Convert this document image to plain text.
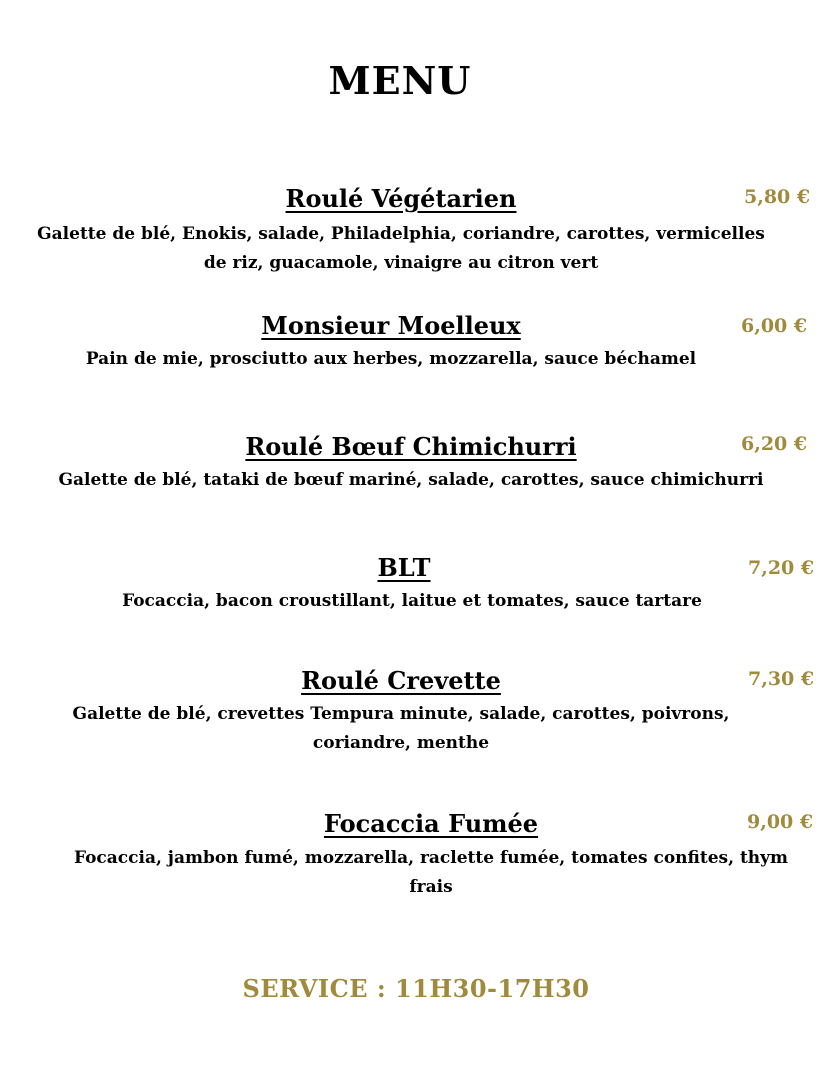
MENU
Roulé Végétarien	5,80 €
Galette de blé, Enokis, salade, Philadelphia, coriandre, carottes, vermicelles
de riz, guacamole, vinaigre au citron vert
Monsieur Moelleux	6,00 €
Pain de mie, prosciutto aux herbes, mozzarella, sauce béchamel
Roulé Bœuf Chimichurri	6,20 €
Galette de blé, tataki de bœuf mariné, salade, carottes, sauce chimichurri
BLT	7,20 €
Focaccia, bacon croustillant, laitue et tomates, sauce tartare
Roulé Crevette	7,30 €
Galette de blé, crevettes Tempura minute, salade, carottes, poivrons,
coriandre, menthe
Focaccia Fumée	9,00 €
Focaccia, jambon fumé, mozzarella, raclette fumée, tomates confites, thym
frais
SERVICE : 11H30-17H30
